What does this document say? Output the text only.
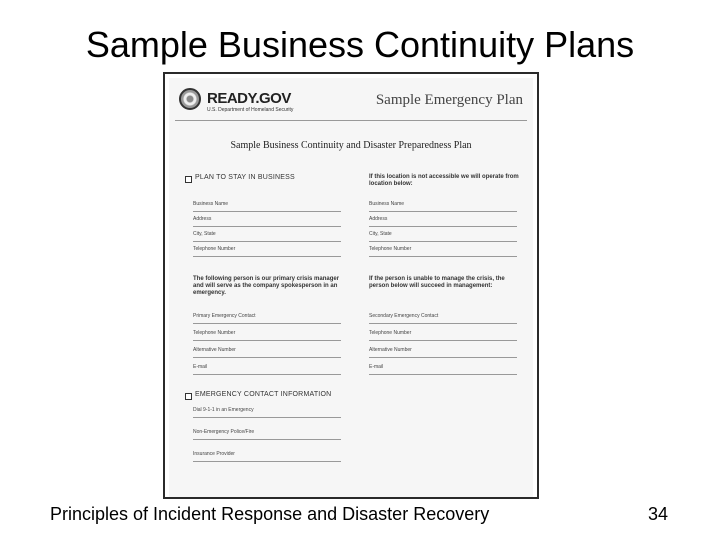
Sample Business Continuity Plans
READY.GOV
U.S. Department of Homeland Security
Sample Emergency Plan
Sample Business Continuity and Disaster Preparedness Plan
PLAN TO STAY IN BUSINESS	If this location is not accessible we will operate from location below:
Business Name
Address
City, State
Telephone Number
Business Name
Address
City, State
Telephone Number
The following person is our primary crisis manager and will serve as the company spokesperson in an emergency.
If the person is unable to manage the crisis, the person below will succeed in management:
Primary Emergency Contact
Telephone Number
Alternative Number
E-mail
Secondary Emergency Contact
Telephone Number
Alternative Number
E-mail
EMERGENCY CONTACT INFORMATION
Dial 9-1-1 in an Emergency
Non-Emergency Police/Fire
Insurance Provider
Principles of Incident Response and Disaster Recovery	34
